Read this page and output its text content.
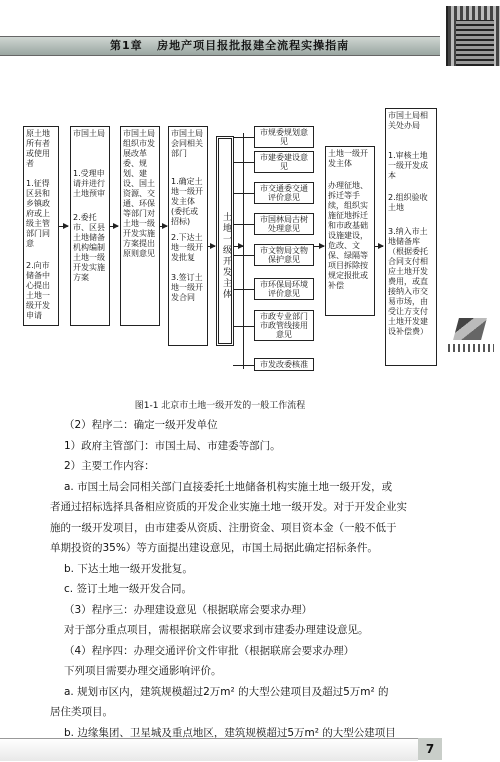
第1章 房地产项目报批报建全流程实操指南
原土地所有者或使用者
1.征得区县和乡镇政府或上级主管部门同意
2.向市储备中心提出土地一级开发申请
市国土局
1.受理申请并进行土地预审
2.委托市、区县土地储备机构编制土地一级开发实施方案
市国土局组织市发展改革委、规划、建设、国土资源、交通、环保等部门对土地一级开发实施方案提出原则意见
市国土局会同相关部门
1.确定土地一级开发主体(委托或招标)
2.下达土地一级开发批复
3.签订土地一级开发合同	土地一级开发主体
市规委规划意见
市建委建设意见
市交通委交通评价意见
市国林局古树处理意见
市文物局文物保护意见
市环保局环境评价意见
市政专业部门市政管线接用意见
市发改委核准
土地一级开发主体
办理征地、拆迁等手续，组织实施征地拆迁和市政基础设施建设，危改、文保、绿隔等项目拆除按规定报批或补偿
市国土局相关处办局
1.审核土地一级开发成本
2.组织验收土地
3.纳入市土地储备库（根据委托合同支付相应土地开发费用，或直接纳入市交易市场，由受让方支付土地开发建设补偿费）
图1-1 北京市土地一级开发的一般工作流程

（2）程序二：确定一级开发单位

1）政府主管部门：市国土局、市建委等部门。

2）主要工作内容：

a. 市国土局会同相关部门直接委托土地储备机构实施土地一级开发，或

者通过招标选择具备相应资质的开发企业实施土地一级开发。对于开发企业实

施的一级开发项目，由市建委从资质、注册资金、项目资本金（一般不低于

单期投资的35%）等方面提出建设意见，市国土局据此确定招标条件。

b. 下达土地一级开发批复。

c. 签订土地一级开发合同。

（3）程序三：办理建设意见（根据联席会要求办理）

对于部分重点项目，需根据联席会议要求到市建委办理建设意见。

（4）程序四：办理交通评价文件审批（根据联席会要求办理）

下列项目需要办理交通影响评价。

a. 规划市区内，建筑规模超过2万m² 的大型公建项目及超过5万m² 的

居住类项目。

b. 边缘集团、卫星城及重点地区，建筑规模超过5万m² 的大型公建项目

7
